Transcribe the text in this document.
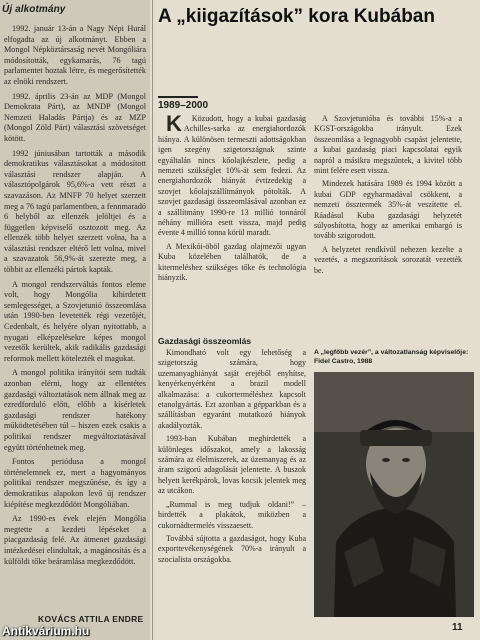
Új alkotmány

1992. január 13-án a Nagy Népi Hurál elfogadta az új alkotmányt. Ebben a Mongol Népköztársaság nevét Mongóliára módosították, egykamarás, 76 tagú parlamentet hoztak létre, és megerősítették az elnöki rendszert.

1992. április 23-án az MDP (Mongol Demokrata Párt), az MNDP (Mongol Nemzeti Haladás Pártja) és az MZP (Mongol Zöld Párt) választási szövetséget kötött.

1992 júniusában tartották a második demokratikus választásokat a módosított választási rendszer alapján. A választópolgárok 95,6%-a vett részt a szavazáson. Az MNFP 70 helyet szerzett meg a 76 tagú parlamentben, a fennmaradó 6 helyből az ellenzék jelöltjei és a független képviselő osztozott meg. Az ellenzék több helyet szerzett volna, ha a választási rendszer eltérő lett volna, mivel a szavazatok 56,9%-át szerezte meg, a többit az ellenzéki pártok kapták.

A mongol rendszerváltás fontos eleme volt, hogy Mongólia kihirdetett semlegességet, a Szovjetunió összeomlása után 1990-ben levetették régi vezetőjét, Cedenbalt, és helyére olyan nyitottabb, a nyugati elképzelésekre képes mongol vezetők kerültek, akik radikális gazdasági reformok mellett kötelezték el magukat.

A mongol politika irányítói sem tudták azonban elérni, hogy az ellentétes gazdasági változtatások nem állnak meg az ezredforduló előtt, előbb a kísérletek gazdasági rendszer hatékony működtetésében túl – hiszen ezek csakis a politikai rendszer megváltoztatásával együtt történhetnek meg.

Fontos periódusa a mongol történelemnek ez, mert a hagyományos politikai rendszer megszűnése, és így a demokratikus alapokon levő új rendszer kiépítése megkezdődött Mongóliában.

Az 1990-es évek elején Mongólia megtette a kezdeti lépéseket a piacgazdaság felé. Az átmenet gazdasági intézkedései elindultak, a magánosítás és a külföldi tőke beáramlása megkezdődött.

KOVÁCS ATTILA ENDRE
A „kiigazítások” kora Kubában
1989–2000

K Közudott, hogy a kubai gazdaság Achilles-sarka az energiahordozók hiánya. A különösen termeszti adottságokban igen szegény szigetországnak szinte egyáltalán nincs kőolajkészlete, pedig a nemzeti szükséglet 10%-át sem fedezi. Az energiahordozók hiányát évtizedekig a szovjet kőolajszállítmányok pótolták. A szovjet gazdasági összeomlásával azonban ez a szállítmány 1990-re 13 millió tonnáról néhány millióra esett vissza, majd pedig évente 4 millió tonna körül maradt.

A Mexikói-öböl gazdag olajmezői ugyan Kuba közelében találhatók, de a kitermeléshez szükséges tőke és technológia hiányzik.

Gazdasági összeomlás

Kimondható volt egy lehetőség a szigetország számára, hogy uzemanyaghiányát saját erejéből enyhítse, kenyérkenyérként a brazil modell alkalmazása: a cukorterméléshez kapcsolt etanolgyártás. Ezt azonban a gépparkban és a szállításban egyaránt mutatkozó hiányok akadályozták.

1993-ban Kubában meghirdették a különleges időszakot, amely a lakosság számára az élelmiszerek, az üzemanyag és az áram szigorú adagolását jelentette. A buszok helyett kerékpárok, lovas kocsik jelentek meg az utcákon.

„Rummal is meg tudjuk oldani!” – hirdették a plakátok, miközben a cukornádtermelés visszaesett.

Továbbá sújtotta a gazdaságot, hogy Kuba exporttevékenységének 70%-a irányult a szocialista országokba.

A Szovjetunióba és további 15%-a a KGST-országokba irányult. Ezek összeomlása a legnagyobb csapást jelentette, a kubai gazdaság piaci kapcsolatai egyik napról a másikra megszűntek, a kivitel több mint felére esett vissza.

Mindezek hatására 1989 és 1994 között a kubai GDP egyharmadával csökkent, a nemzeti össztermék 35%-át veszítette el. Ráadásul Kuba gazdasági helyzetét súlyosbította, hogy az amerikai embargó is tovább szigorodott.

A helyzetet rendkívül nehezen kezelte a vezetés, a megszorítások sorozatát vezették be.

A „legfőbb vezér”, a változatlanság képviselője: Fidel Castro, 1988
11
Antikvárium.hu
